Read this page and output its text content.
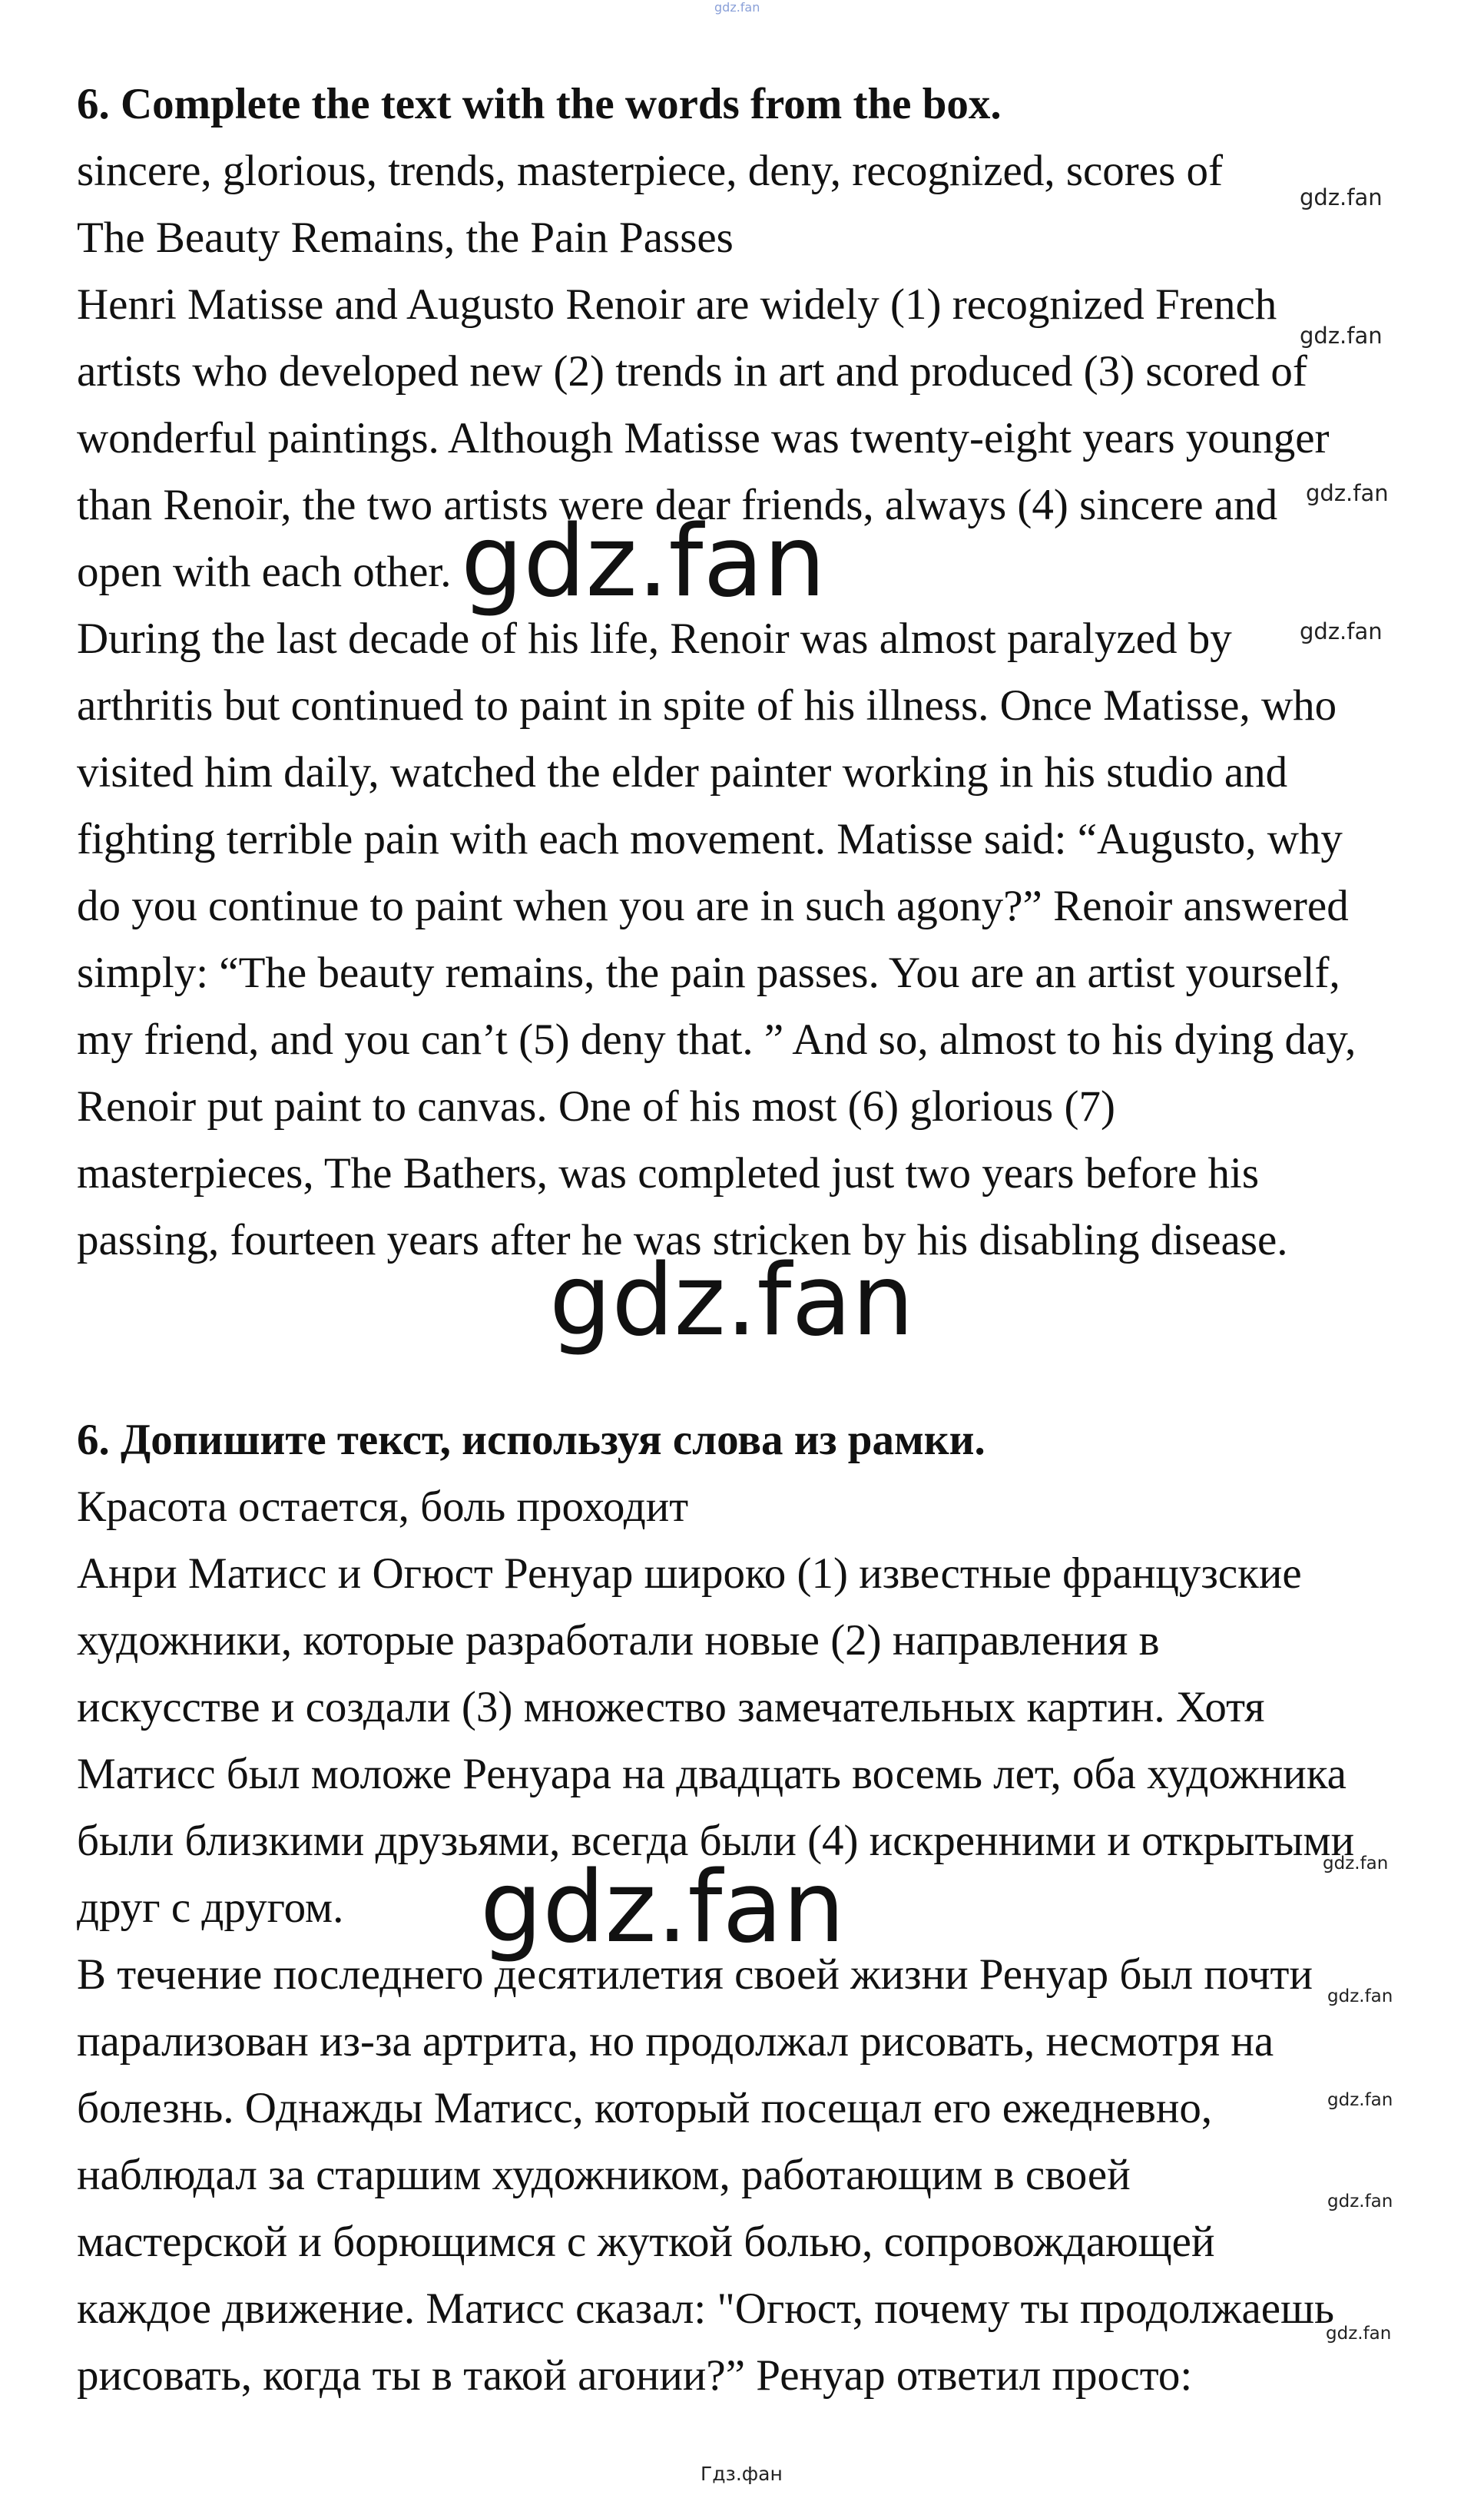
gdz.fan
6. Complete the text with the words from the box.
sincere, glorious, trends, masterpiece, deny, recognized, scores of
The Beauty Remains, the Pain Passes
Henri Matisse and Augusto Renoir are widely (1) recognized French
artists who developed new (2) trends in art and produced (3) scored of
wonderful paintings. Although Matisse was twenty-eight years younger
than Renoir, the two artists were dear friends, always (4) sincere and
open with each other.
During the last decade of his life, Renoir was almost paralyzed by
arthritis but continued to paint in spite of his illness. Once Matisse, who
visited him daily, watched the elder painter working in his studio and
fighting terrible pain with each movement. Matisse said: “Augusto, why
do you continue to paint when you are in such agony?” Renoir answered
simply: “The beauty remains, the pain passes. You are an artist yourself,
my friend, and you can’t (5) deny that. ” And so, almost to his dying day,
Renoir put paint to canvas. One of his most (6) glorious (7)
masterpieces, The Bathers, was completed just two years before his
passing, fourteen years after he was stricken by his disabling disease.
6. Допишите текст, используя слова из рамки.
Красота остается, боль проходит
Анри Матисс и Огюст Ренуар широко (1) известные французские
художники, которые разработали новые (2) направления в
искусстве и создали (3) множество замечательных картин. Хотя
Матисс был моложе Ренуара на двадцать восемь лет, оба художника
были близкими друзьями, всегда были (4) искренними и открытыми
друг с другом.
В течение последнего десятилетия своей жизни Ренуар был почти
парализован из-за артрита, но продолжал рисовать, несмотря на
болезнь. Однажды Матисс, который посещал его ежедневно,
наблюдал за старшим художником, работающим в своей
мастерской и борющимся с жуткой болью, сопровождающей
каждое движение. Матисс сказал: "Огюст, почему ты продолжаешь
рисовать, когда ты в такой агонии?” Ренуар ответил просто:
gdz.fan
gdz.fan
gdz.fan
gdz.fan
gdz.fan
gdz.fan
gdz.fan
gdz.fan
gdz.fan
gdz.fan
gdz.fan
gdz.fan
Гдз.фан
